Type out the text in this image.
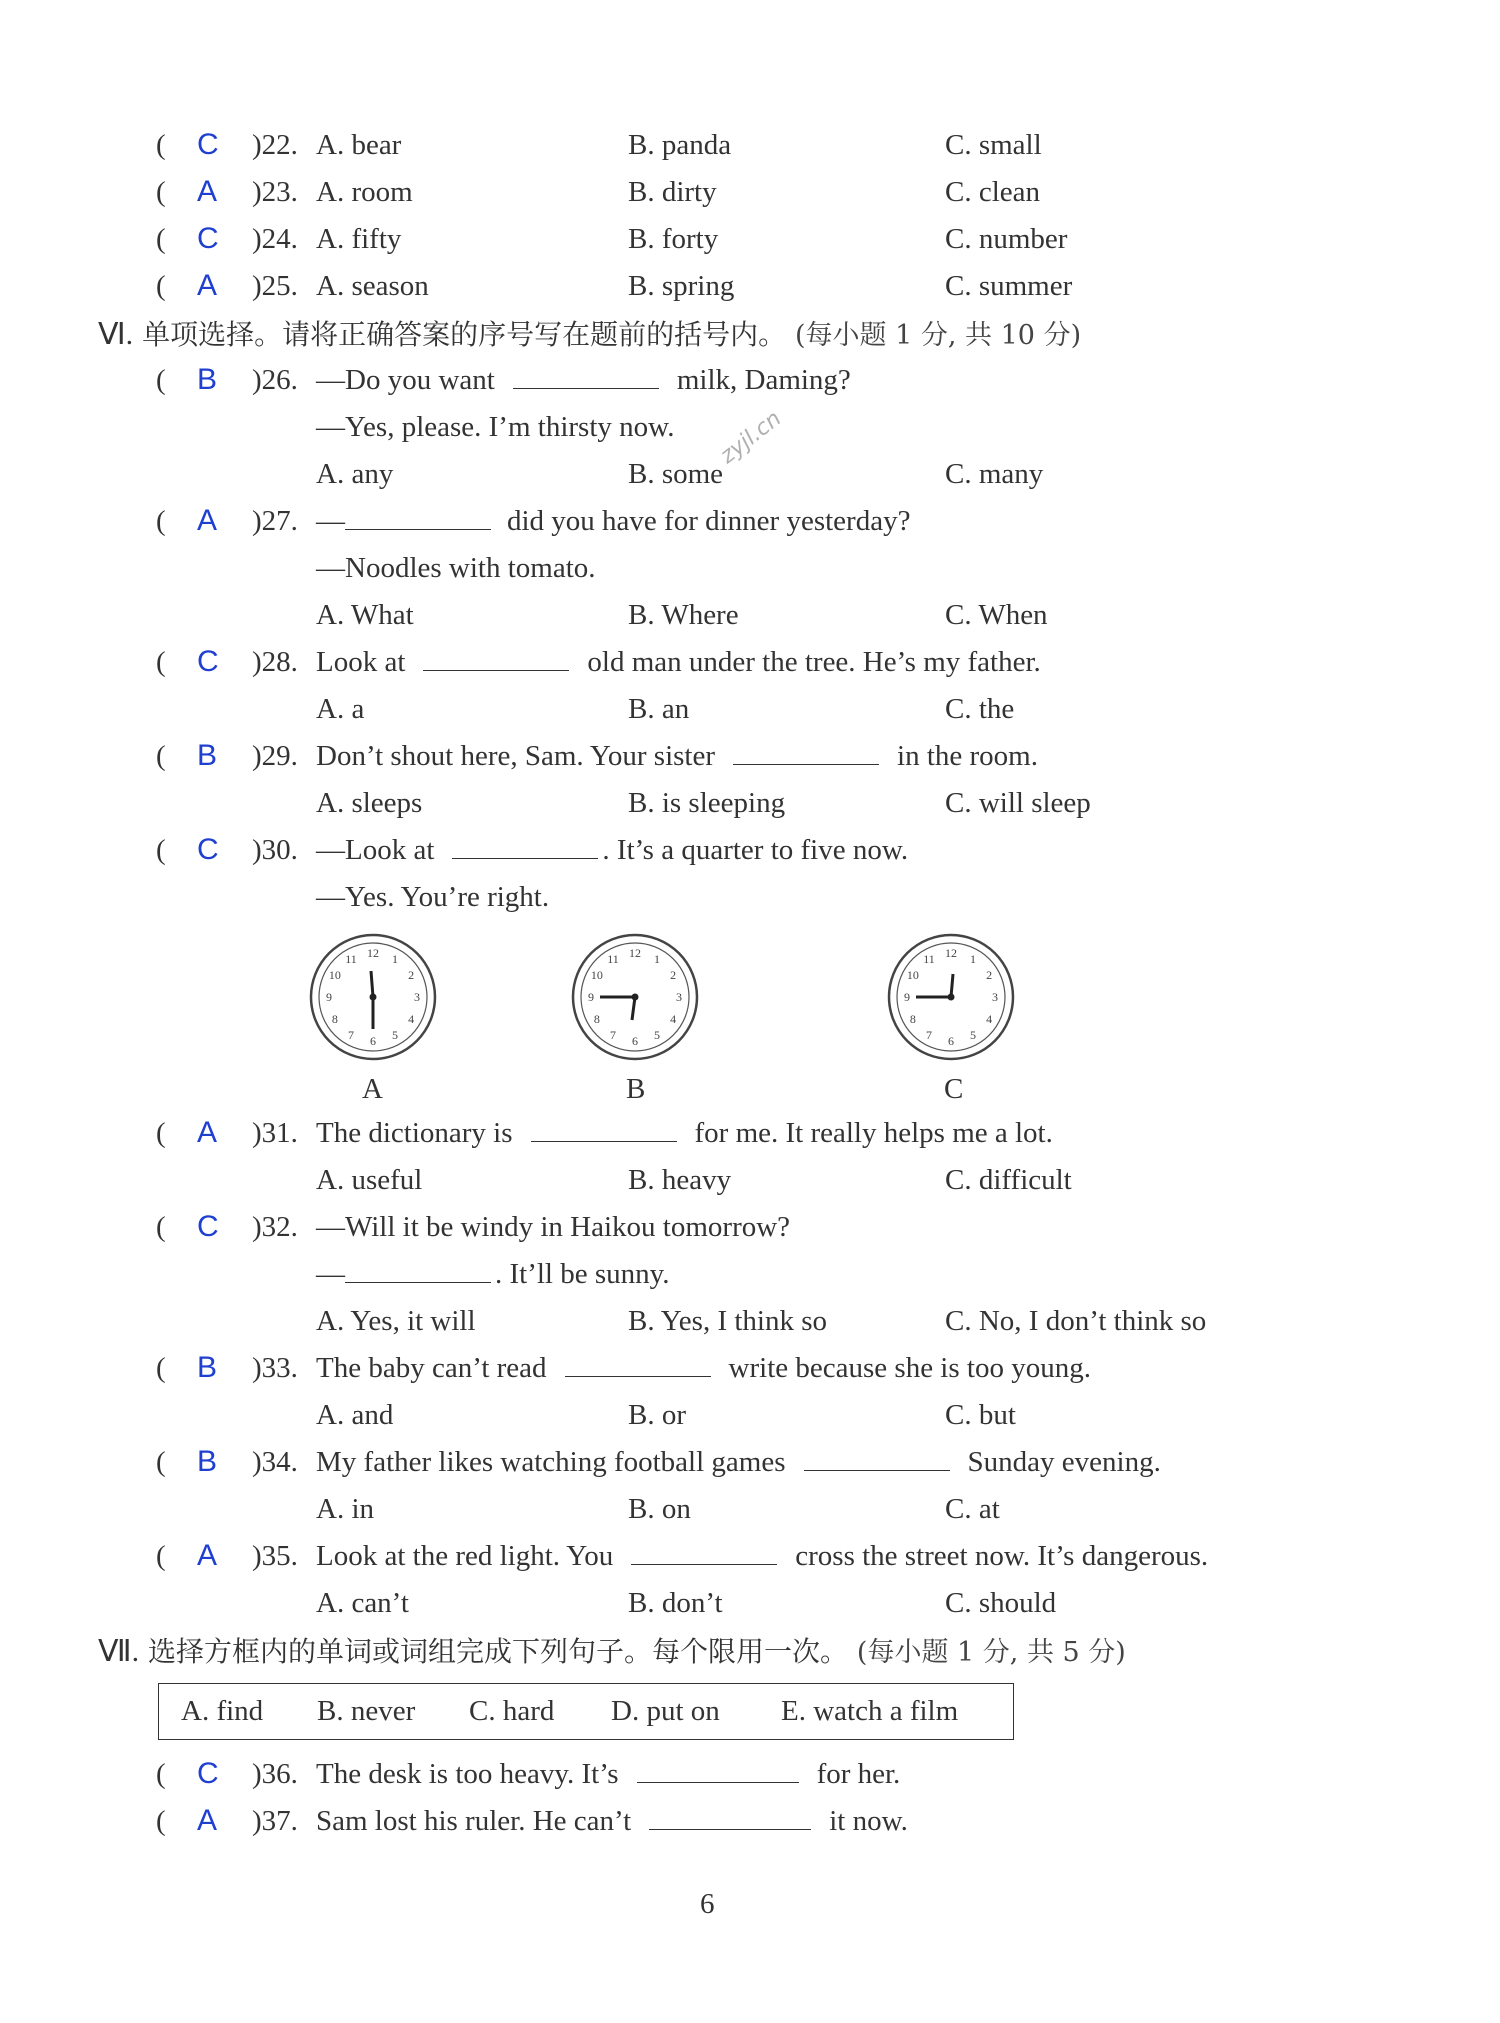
( C )22. A. bear	B. panda	C. small
( A )23. A. room	B. dirty	C. clean
( C )24. A. fifty	B. forty	C. number
( A )25. A. season	B. spring	C. summer
Ⅵ. 单项选择。请将正确答案的序号写在题前的括号内。 (每小题 1 分, 共 10 分)
( B )26. —Do you want	milk, Daming?
—Yes, please. I’m thirsty now.
A. any	B. some	C. many
zyjl.cn
( A )27. —	did you have for dinner yesterday?
—Noodles with tomato.
A. What	B. Where	C. When
( C )28. Look at	old man under the tree. He’s my father.
A. a	B. an	C. the
( B )29. Don’t shout here, Sam. Your sister	in the room.
A. sleeps	B. is sleeping	C. will sleep
( C )30. —Look at	. It’s a quarter to five now.
—Yes. You’re right.
12 1
2
3
4
5
6
7
8
9
10
11	12 1
2
3
4
5
6
7
8
9
10
11	12 1
2
3
4
5
6
7
8
9
10
11
A	B	C
( A )31. The dictionary is	for me. It really helps me a lot.
A. useful	B. heavy	C. difficult
( C )32. —Will it be windy in Haikou tomorrow?
—	. It’ll be sunny.
A. Yes, it will	B. Yes, I think so	C. No, I don’t think so
( B )33. The baby can’t read	write because she is too young.
A. and	B. or	C. but
( B )34. My father likes watching football games	Sunday evening.
A. in	B. on	C. at
( A )35. Look at the red light. You	cross the street now. It’s dangerous.
A. can’t	B. don’t	C. should
Ⅶ. 选择方框内的单词或词组完成下列句子。每个限用一次。 (每小题 1 分, 共 5 分)
A. find B. never C. hard D. put on E. watch a film
( C )36. The desk is too heavy. It’s	for her.
( A )37. Sam lost his ruler. He can’t	it now.
6
